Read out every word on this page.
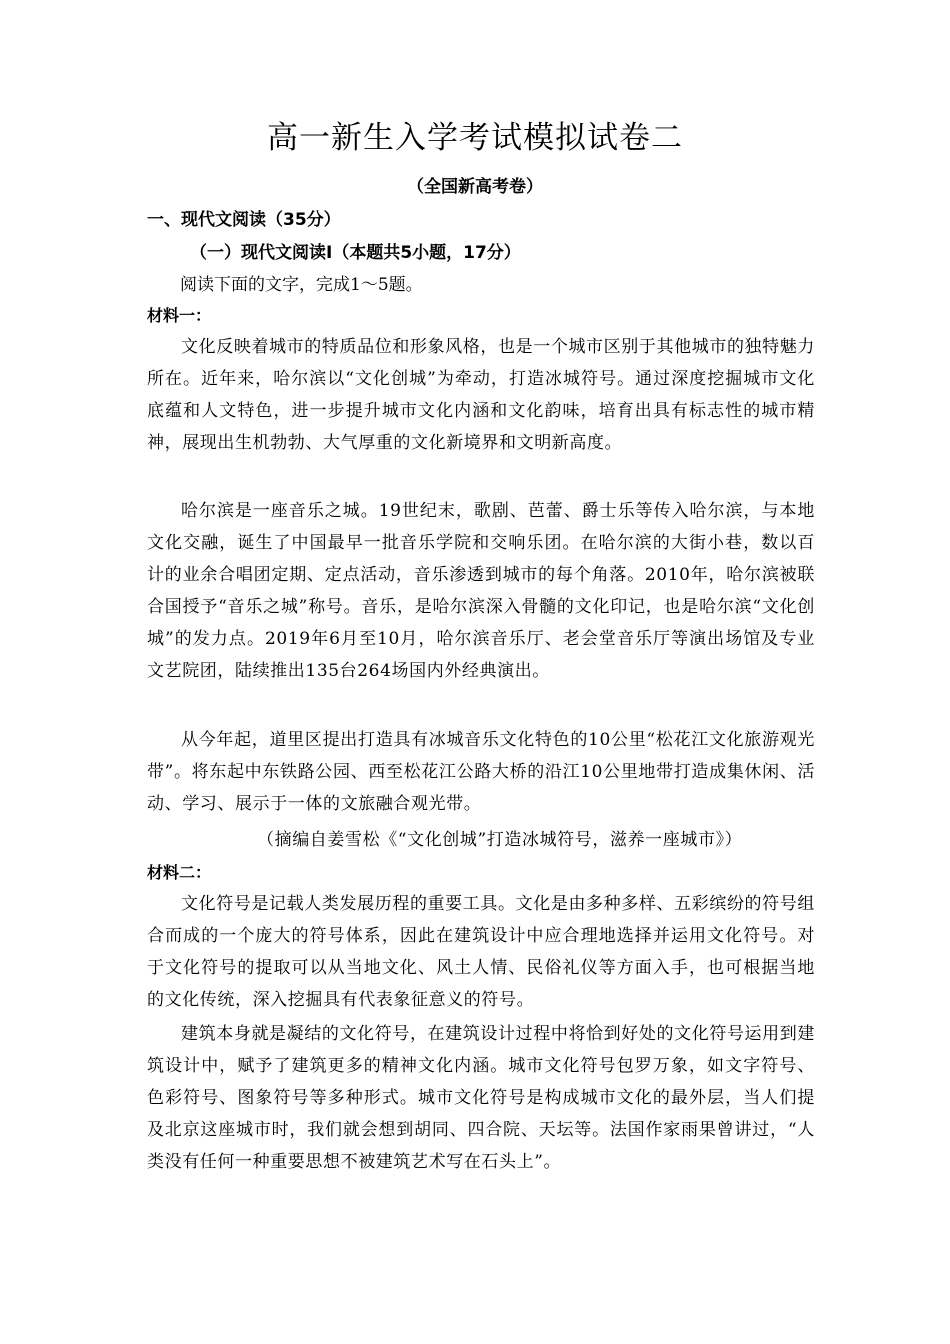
高一新生入学考试模拟试卷二
（全国新高考卷）
一、现代文阅读（35分）
（一）现代文阅读Ⅰ（本题共5小题，17分）
阅读下面的文字，完成1～5题。
材料一：

文化反映着城市的特质品位和形象风格，也是一个城市区别于其他城市的独特魅力所在。近年来，哈尔滨以“文化创城”为牵动，打造冰城符号。通过深度挖掘城市文化底蕴和人文特色，进一步提升城市文化内涵和文化韵味，培育出具有标志性的城市精神，展现出生机勃勃、大气厚重的文化新境界和文明新高度。

哈尔滨是一座音乐之城。19世纪末，歌剧、芭蕾、爵士乐等传入哈尔滨，与本地文化交融，诞生了中国最早一批音乐学院和交响乐团。在哈尔滨的大街小巷，数以百计的业余合唱团定期、定点活动，音乐渗透到城市的每个角落。2010年，哈尔滨被联合国授予“音乐之城”称号。音乐，是哈尔滨深入骨髓的文化印记，也是哈尔滨“文化创城”的发力点。2019年6月至10月，哈尔滨音乐厅、老会堂音乐厅等演出场馆及专业文艺院团，陆续推出135台264场国内外经典演出。

从今年起，道里区提出打造具有冰城音乐文化特色的10公里“松花江文化旅游观光带”。将东起中东铁路公园、西至松花江公路大桥的沿江10公里地带打造成集休闲、活动、学习、展示于一体的文旅融合观光带。

（摘编自姜雪松《“文化创城”打造冰城符号，滋养一座城市》）
材料二：

文化符号是记载人类发展历程的重要工具。文化是由多种多样、五彩缤纷的符号组合而成的一个庞大的符号体系，因此在建筑设计中应合理地选择并运用文化符号。对于文化符号的提取可以从当地文化、风土人情、民俗礼仪等方面入手，也可根据当地的文化传统，深入挖掘具有代表象征意义的符号。

建筑本身就是凝结的文化符号，在建筑设计过程中将恰到好处的文化符号运用到建筑设计中，赋予了建筑更多的精神文化内涵。城市文化符号包罗万象，如文字符号、色彩符号、图象符号等多种形式。城市文化符号是构成城市文化的最外层，当人们提及北京这座城市时，我们就会想到胡同、四合院、天坛等。法国作家雨果曾讲过，“人类没有任何一种重要思想不被建筑艺术写在石头上”。
